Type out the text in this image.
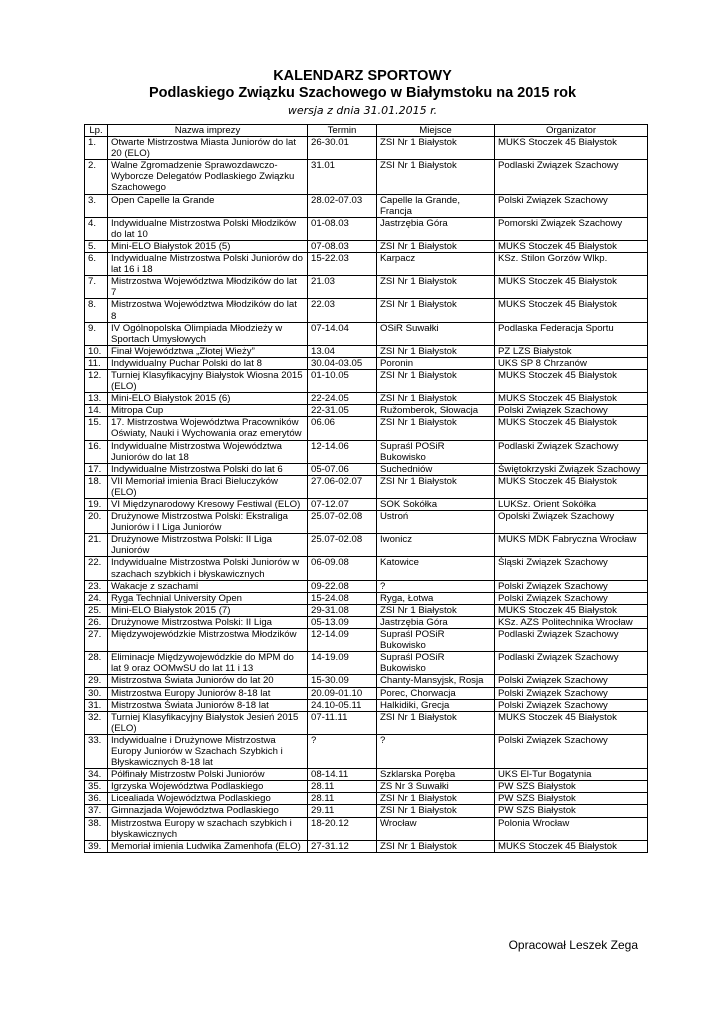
KALENDARZ SPORTOWY
Podlaskiego Związku Szachowego w Białymstoku na 2015 rok
wersja z dnia 31.01.2015 r.
Lp.	Nazwa imprezy	Termin	Miejsce	Organizator
1.	Otwarte Mistrzostwa Miasta Juniorów do lat 20 (ELO)	26-30.01	ZSI Nr 1 Białystok	MUKS Stoczek 45 Białystok
2.	Walne Zgromadzenie Sprawozdawczo-Wyborcze Delegatów Podlaskiego Związku Szachowego	31.01	ZSI Nr 1 Białystok	Podlaski Związek Szachowy
3.	Open Capelle la Grande	28.02-07.03	Capelle la Grande, Francja	Polski Związek Szachowy
4.	Indywidualne Mistrzostwa Polski Młodzików do lat 10	01-08.03	Jastrzębia Góra	Pomorski Związek Szachowy
5.	Mini-ELO Białystok 2015 (5)	07-08.03	ZSI Nr 1 Białystok	MUKS Stoczek 45 Białystok
6.	Indywidualne Mistrzostwa Polski Juniorów do lat 16 i 18	15-22.03	Karpacz	KSz. Stilon Gorzów Wlkp.
7.	Mistrzostwa Województwa Młodzików do lat 7	21.03	ZSI Nr 1 Białystok	MUKS Stoczek 45 Białystok
8.	Mistrzostwa Województwa Młodzików do lat 8	22.03	ZSI Nr 1 Białystok	MUKS Stoczek 45 Białystok
9.	IV Ogólnopolska Olimpiada Młodzieży w Sportach Umysłowych	07-14.04	OSiR Suwałki	Podlaska Federacja Sportu
10.	Finał Województwa „Złotej Wieży”	13.04	ZSI Nr 1 Białystok	PZ LZS Białystok
11.	Indywidualny Puchar Polski do lat 8	30.04-03.05	Poronin	UKS SP 8 Chrzanów
12.	Turniej Klasyfikacyjny Białystok Wiosna 2015 (ELO)	01-10.05	ZSI Nr 1 Białystok	MUKS Stoczek 45 Białystok
13.	Mini-ELO Białystok 2015 (6)	22-24.05	ZSI Nr 1 Białystok	MUKS Stoczek 45 Białystok
14.	Mitropa Cup	22-31.05	Ružomberok, Słowacja	Polski Związek Szachowy
15.	17. Mistrzostwa Województwa Pracowników Oświaty, Nauki i Wychowania oraz emerytów	06.06	ZSI Nr 1 Białystok	MUKS Stoczek 45 Białystok
16.	Indywidualne Mistrzostwa Województwa Juniorów do lat 18	12-14.06	Supraśl POSiR Bukowisko	Podlaski Związek Szachowy
17.	Indywidualne Mistrzostwa Polski do lat 6	05-07.06	Suchedniów	Świętokrzyski Związek Szachowy
18.	VII Memoriał imienia Braci Bieluczyków (ELO)	27.06-02.07	ZSI Nr 1 Białystok	MUKS Stoczek 45 Białystok
19.	VI Międzynarodowy Kresowy Festiwal (ELO)	07-12.07	SOK Sokółka	LUKSz. Orient Sokółka
20.	Drużynowe Mistrzostwa Polski: Ekstraliga Juniorów i I Liga Juniorów	25.07-02.08	Ustroń	Opolski Związek Szachowy
21.	Drużynowe Mistrzostwa Polski: II Liga Juniorów	25.07-02.08	Iwonicz	MUKS MDK Fabryczna Wrocław
22.	Indywidualne Mistrzostwa Polski Juniorów w szachach szybkich i błyskawicznych	06-09.08	Katowice	Śląski Związek Szachowy
23.	Wakacje z szachami	09-22.08	?	Polski Związek Szachowy
24.	Ryga Technial University Open	15-24.08	Ryga, Łotwa	Polski Związek Szachowy
25.	Mini-ELO Białystok 2015 (7)	29-31.08	ZSI Nr 1 Białystok	MUKS Stoczek 45 Białystok
26.	Drużynowe Mistrzostwa Polski: II Liga	05-13.09	Jastrzębia Góra	KSz. AZS Politechnika Wrocław
27.	Międzywojewódzkie Mistrzostwa Młodzików	12-14.09	Supraśl POSiR Bukowisko	Podlaski Związek Szachowy
28.	Eliminacje Międzywojewódzkie do MPM do lat 9 oraz OOMwSU do lat 11 i 13	14-19.09	Supraśl POSiR Bukowisko	Podlaski Związek Szachowy
29.	Mistrzostwa Świata Juniorów do lat 20	15-30.09	Chanty-Mansyjsk, Rosja	Polski Związek Szachowy
30.	Mistrzostwa Europy Juniorów 8-18 lat	20.09-01.10	Porec, Chorwacja	Polski Związek Szachowy
31.	Mistrzostwa Świata Juniorów 8-18 lat	24.10-05.11	Halkidiki, Grecja	Polski Związek Szachowy
32.	Turniej Klasyfikacyjny Białystok Jesień 2015 (ELO)	07-11.11	ZSI Nr 1 Białystok	MUKS Stoczek 45 Białystok
33.	Indywidualne i Drużynowe Mistrzostwa Europy Juniorów w Szachach Szybkich i Błyskawicznych 8-18 lat	?	?	Polski Związek Szachowy
34.	Półfinały Mistrzostw Polski Juniorów	08-14.11	Szklarska Poręba	UKS El-Tur Bogatynia
35.	Igrzyska Województwa Podlaskiego	28.11	ZS Nr 3 Suwałki	PW SZS Białystok
36.	Licealiada Województwa Podlaskiego	28.11	ZSI Nr 1 Białystok	PW SZS Białystok
37.	Gimnazjada Województwa Podlaskiego	29.11	ZSI Nr 1 Białystok	PW SZS Białystok
38.	Mistrzostwa Europy w szachach szybkich i błyskawicznych	18-20.12	Wrocław	Polonia Wrocław
39.	Memoriał imienia Ludwika Zamenhofa (ELO)	27-31.12	ZSI Nr 1 Białystok	MUKS Stoczek 45 Białystok
Opracował Leszek Zega
